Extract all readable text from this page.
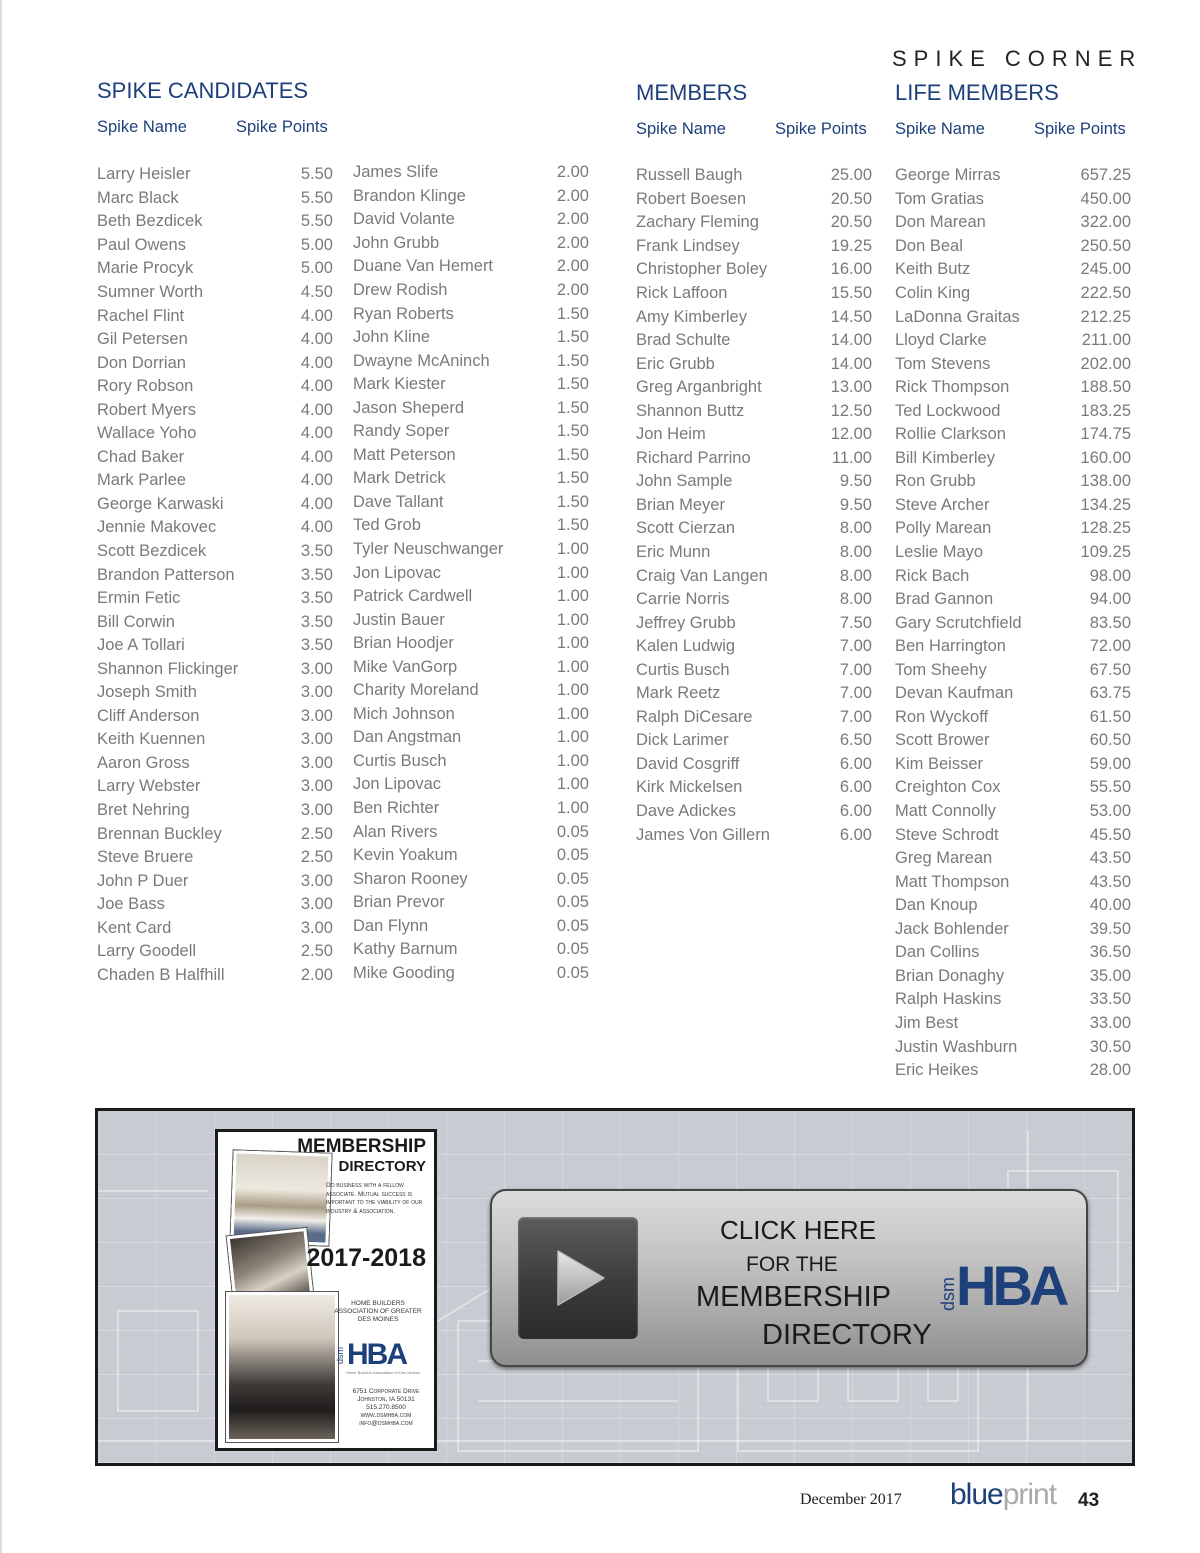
SPIKE CORNER
SPIKE CANDIDATES	MEMBERS	LIFE MEMBERS
Spike Name	Spike Points	Spike Name	Spike Points Spike Name	Spike Points
Larry Heisler	5.50
Marc Black	5.50
Beth Bezdicek	5.50
Paul Owens	5.00
Marie Procyk	5.00
Sumner Worth	4.50
Rachel Flint	4.00
Gil Petersen	4.00
Don Dorrian	4.00
Rory Robson	4.00
Robert Myers	4.00
Wallace Yoho	4.00
Chad Baker	4.00
Mark Parlee	4.00
George Karwaski	4.00
Jennie Makovec	4.00
Scott Bezdicek	3.50
Brandon Patterson	3.50
Ermin Fetic	3.50
Bill Corwin	3.50
Joe A Tollari	3.50
Shannon Flickinger	3.00
Joseph Smith	3.00
Cliff Anderson	3.00
Keith Kuennen	3.00
Aaron Gross	3.00
Larry Webster	3.00
Bret Nehring	3.00
Brennan Buckley	2.50
Steve Bruere	2.50
John P Duer	3.00
Joe Bass	3.00
Kent Card	3.00
Larry Goodell	2.50
Chaden B Halfhill	2.00
James Slife	2.00
Brandon Klinge	2.00
David Volante	2.00
John Grubb	2.00
Duane Van Hemert	2.00
Drew Rodish	2.00
Ryan Roberts	1.50
John Kline	1.50
Dwayne McAninch	1.50
Mark Kiester	1.50
Jason Sheperd	1.50
Randy Soper	1.50
Matt Peterson	1.50
Mark Detrick	1.50
Dave Tallant	1.50
Ted Grob	1.50
Tyler Neuschwanger	1.00
Jon Lipovac	1.00
Patrick Cardwell	1.00
Justin Bauer	1.00
Brian Hoodjer	1.00
Mike VanGorp	1.00
Charity Moreland	1.00
Mich Johnson	1.00
Dan Angstman	1.00
Curtis Busch	1.00
Jon Lipovac	1.00
Ben Richter	1.00
Alan Rivers	0.05
Kevin Yoakum	0.05
Sharon Rooney	0.05
Brian Prevor	0.05
Dan Flynn	0.05
Kathy Barnum	0.05
Mike Gooding	0.05
Russell Baugh	25.00
Robert Boesen	20.50
Zachary Fleming	20.50
Frank Lindsey	19.25
Christopher Boley	16.00
Rick Laffoon	15.50
Amy Kimberley	14.50
Brad Schulte	14.00
Eric Grubb	14.00
Greg Arganbright	13.00
Shannon Buttz	12.50
Jon Heim	12.00
Richard Parrino	11.00
John Sample	9.50
Brian Meyer	9.50
Scott Cierzan	8.00
Eric Munn	8.00
Craig Van Langen	8.00
Carrie Norris	8.00
Jeffrey Grubb	7.50
Kalen Ludwig	7.00
Curtis Busch	7.00
Mark Reetz	7.00
Ralph DiCesare	7.00
Dick Larimer	6.50
David Cosgriff	6.00
Kirk Mickelsen	6.00
Dave Adickes	6.00
James Von Gillern	6.00
George Mirras	657.25
Tom Gratias	450.00
Don Marean	322.00
Don Beal	250.50
Keith Butz	245.00
Colin King	222.50
LaDonna Graitas	212.25
Lloyd Clarke	211.00
Tom Stevens	202.00
Rick Thompson	188.50
Ted Lockwood	183.25
Rollie Clarkson	174.75
Bill Kimberley	160.00
Ron Grubb	138.00
Steve Archer	134.25
Polly Marean	128.25
Leslie Mayo	109.25
Rick Bach	98.00
Brad Gannon	94.00
Gary Scrutchfield	83.50
Ben Harrington	72.00
Tom Sheehy	67.50
Devan Kaufman	63.75
Ron Wyckoff	61.50
Scott Brower	60.50
Kim Beisser	59.00
Creighton Cox	55.50
Matt Connolly	53.00
Steve Schrodt	45.50
Greg Marean	43.50
Matt Thompson	43.50
Dan Knoup	40.00
Jack Bohlender	39.50
Dan Collins	36.50
Brian Donaghy	35.00
Ralph Haskins	33.50
Jim Best	33.00
Justin Washburn	30.50
Eric Heikes	28.00
MEMBERSHIP
DIRECTORY
Do business with a fellow associate. Mutual success is important to the viability of our industry & association.
2017-2018
HOME BUILDERS ASSOCIATION OF GREATER DES MOINES
dsm HBA
Home Builders Association of Des Moines
6751 Corporate Drive
Johnston, IA 50131
515.270.8500
www.dsmhba.com
info@dsmhba.com
CLICK HERE
FOR THE
MEMBERSHIP
DIRECTORY
dsm
HBA
December 2017 blueprint 43
